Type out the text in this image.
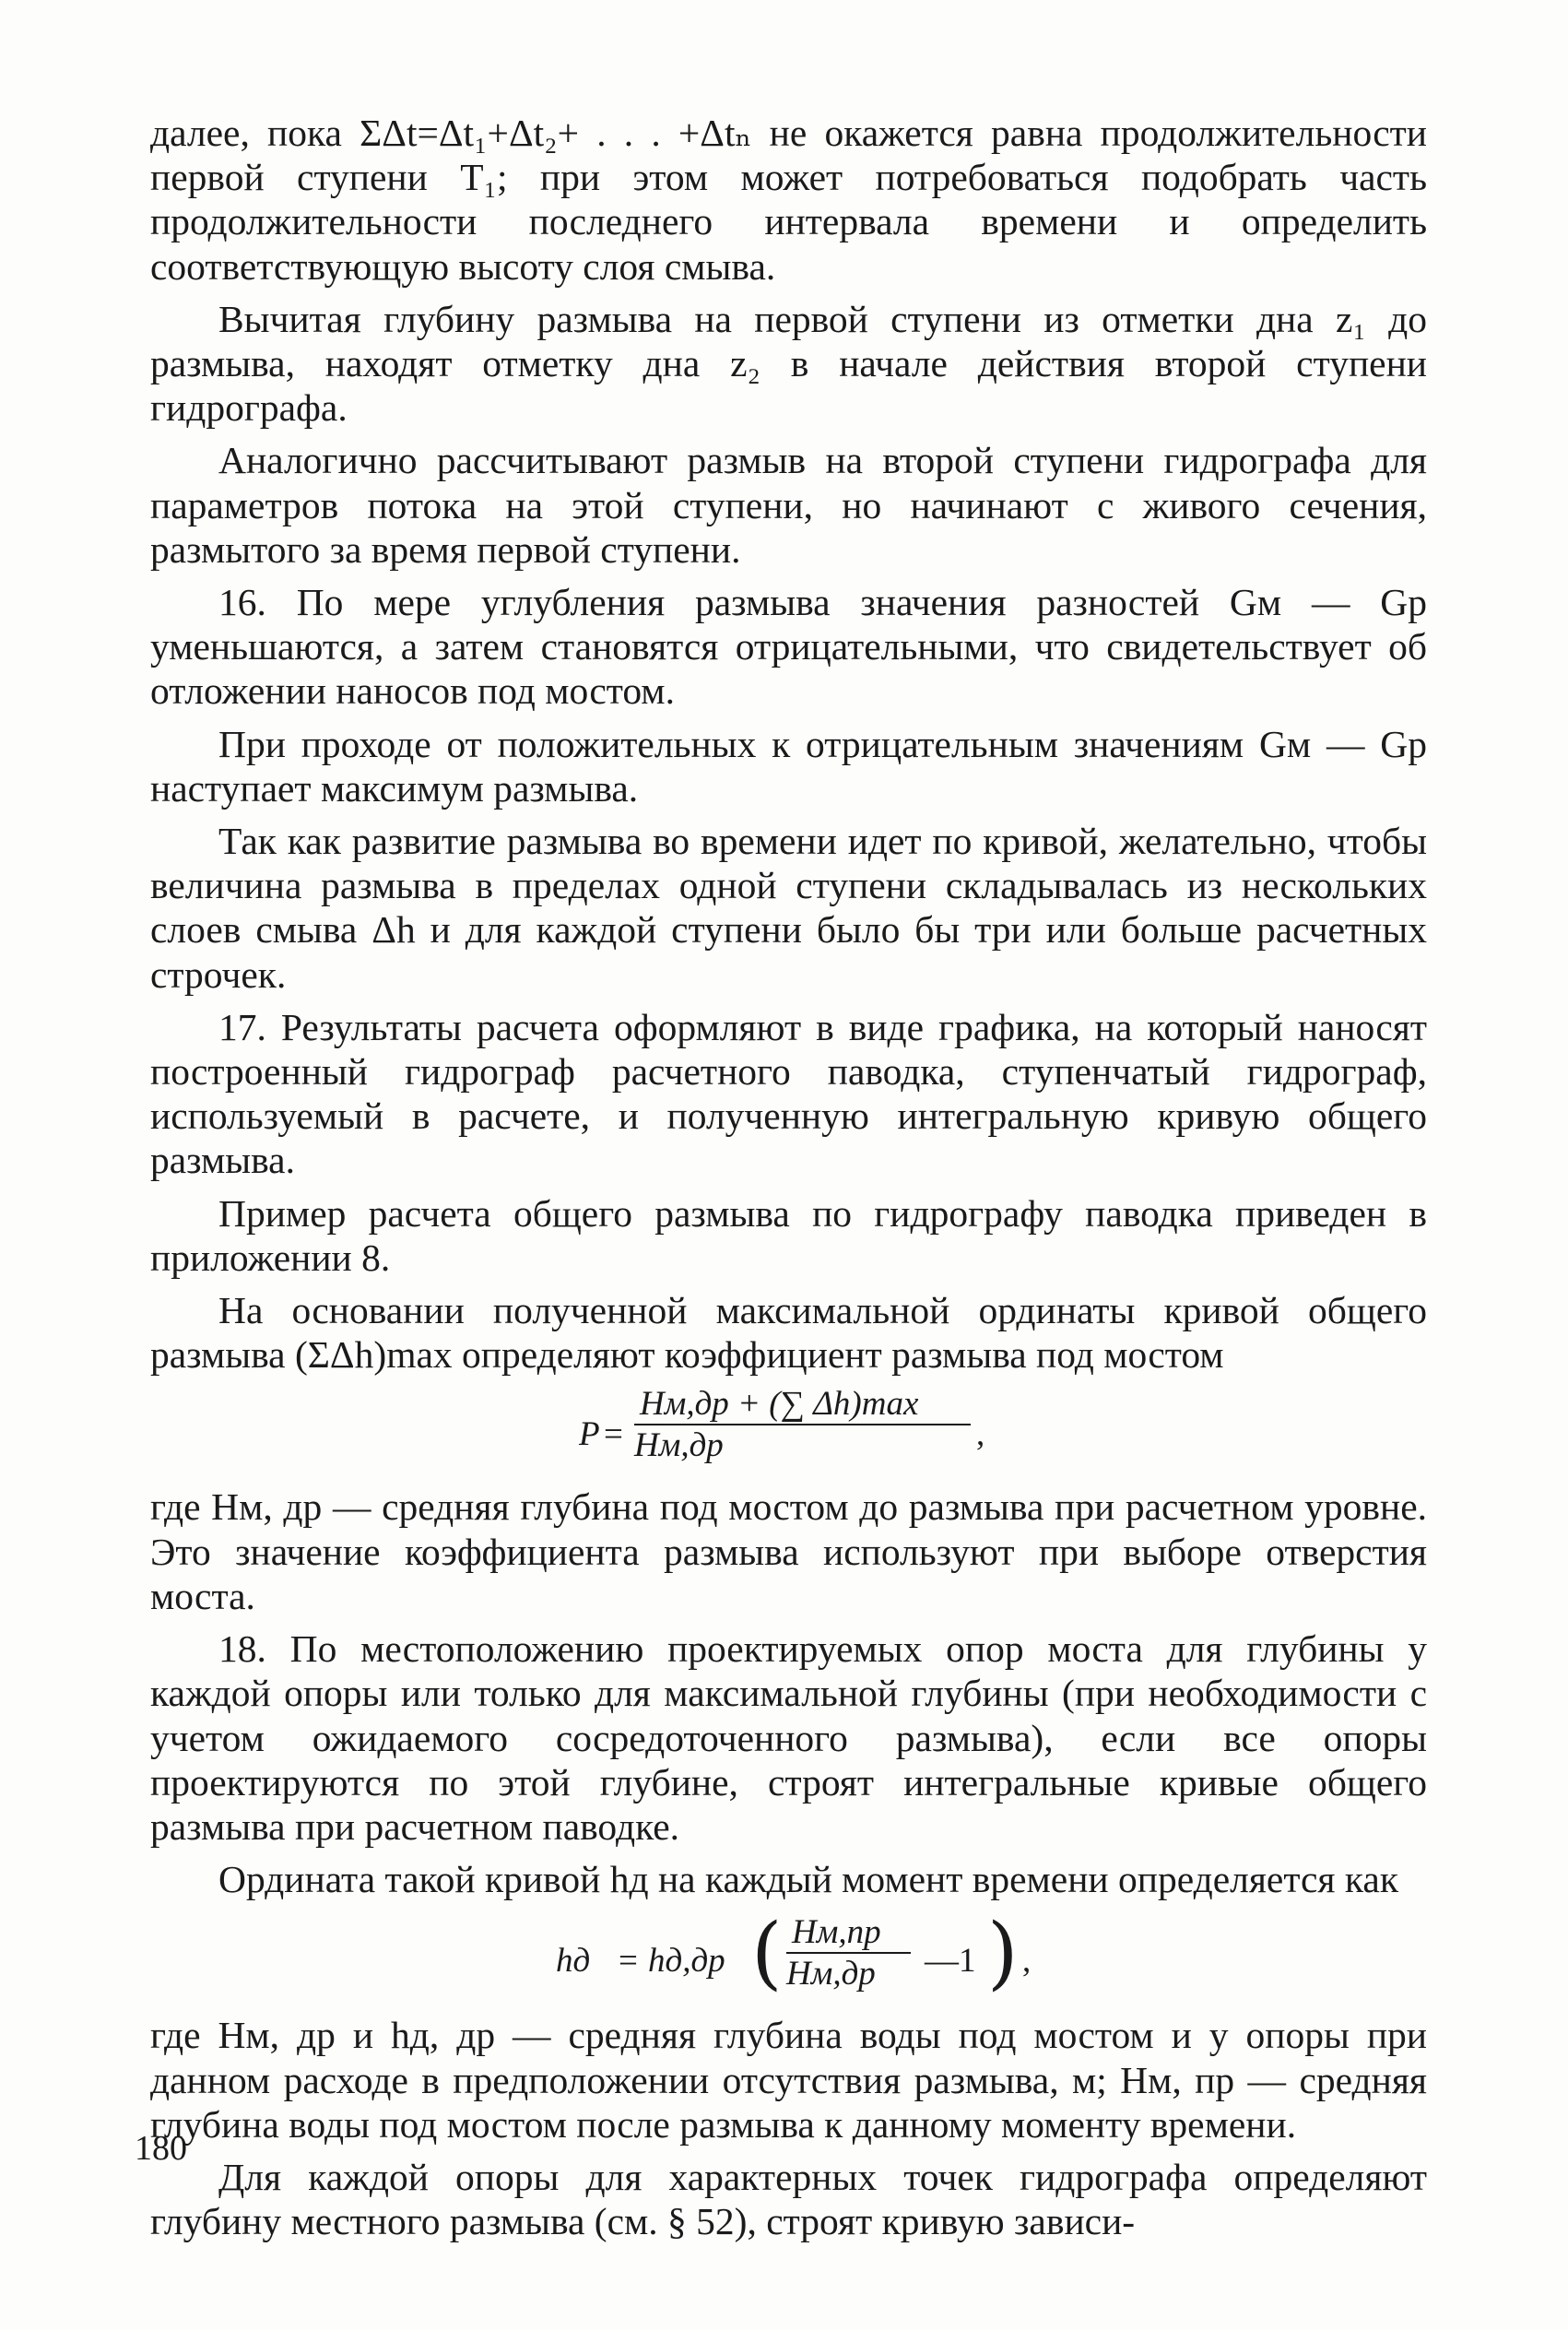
далее, пока ΣΔt=Δt₁+Δt₂+ . . . +Δtₙ не окажется равна продолжительности первой ступени T₁; при этом может потребоваться подобрать часть продолжительности последнего интервала времени и определить соответствующую высоту слоя смыва.

Вычитая глубину размыва на первой ступени из отметки дна z₁ до размыва, находят отметку дна z₂ в начале действия второй ступени гидрографа.

Аналогично рассчитывают размыв на второй ступени гидрографа для параметров потока на этой ступени, но начинают с живого сечения, размытого за время первой ступени.

16. По мере углубления размыва значения разностей Gм — Gр уменьшаются, а затем становятся отрицательными, что свидетельствует об отложении наносов под мостом.

При проходе от положительных к отрицательным значениям Gм — Gр наступает максимум размыва.

Так как развитие размыва во времени идет по кривой, желательно, чтобы величина размыва в пределах одной ступени складывалась из нескольких слоев смыва Δh и для каждой ступени было бы три или больше расчетных строчек.

17. Результаты расчета оформляют в виде графика, на который наносят построенный гидрограф расчетного паводка, ступенчатый гидрограф, используемый в расчете, и полученную интегральную кривую общего размыва.

Пример расчета общего размыва по гидрографу паводка приведен в приложении 8.

На основании полученной максимальной ординаты кривой общего размыва (ΣΔh)max определяют коэффициент размыва под мостом

P =
Hм,др + (∑ Δh)max
Hм,др	,

где Hм, др — средняя глубина под мостом до размыва при расчетном уровне. Это значение коэффициента размыва используют при выборе отверстия моста.

18. По местоположению проектируемых опор моста для глубины у каждой опоры или только для максимальной глубины (при необходимости с учетом ожидаемого сосредоточенного размыва), если все опоры проектируются по этой глубине, строят интегральные кривые общего размыва при расчетном паводке.

Ордината такой кривой hд на каждый момент времени определяется как

hд = hд,др ( Hм,пр
Hм,др	—1 ) ,

где Hм, др и hд, др — средняя глубина воды под мостом и у опоры при данном расходе в предположении отсутствия размыва, м; Hм, пр — средняя глубина воды под мостом после размыва к данному моменту времени.

Для каждой опоры для характерных точек гидрографа определяют глубину местного размыва (см. § 52), строят кривую зависи-

180
